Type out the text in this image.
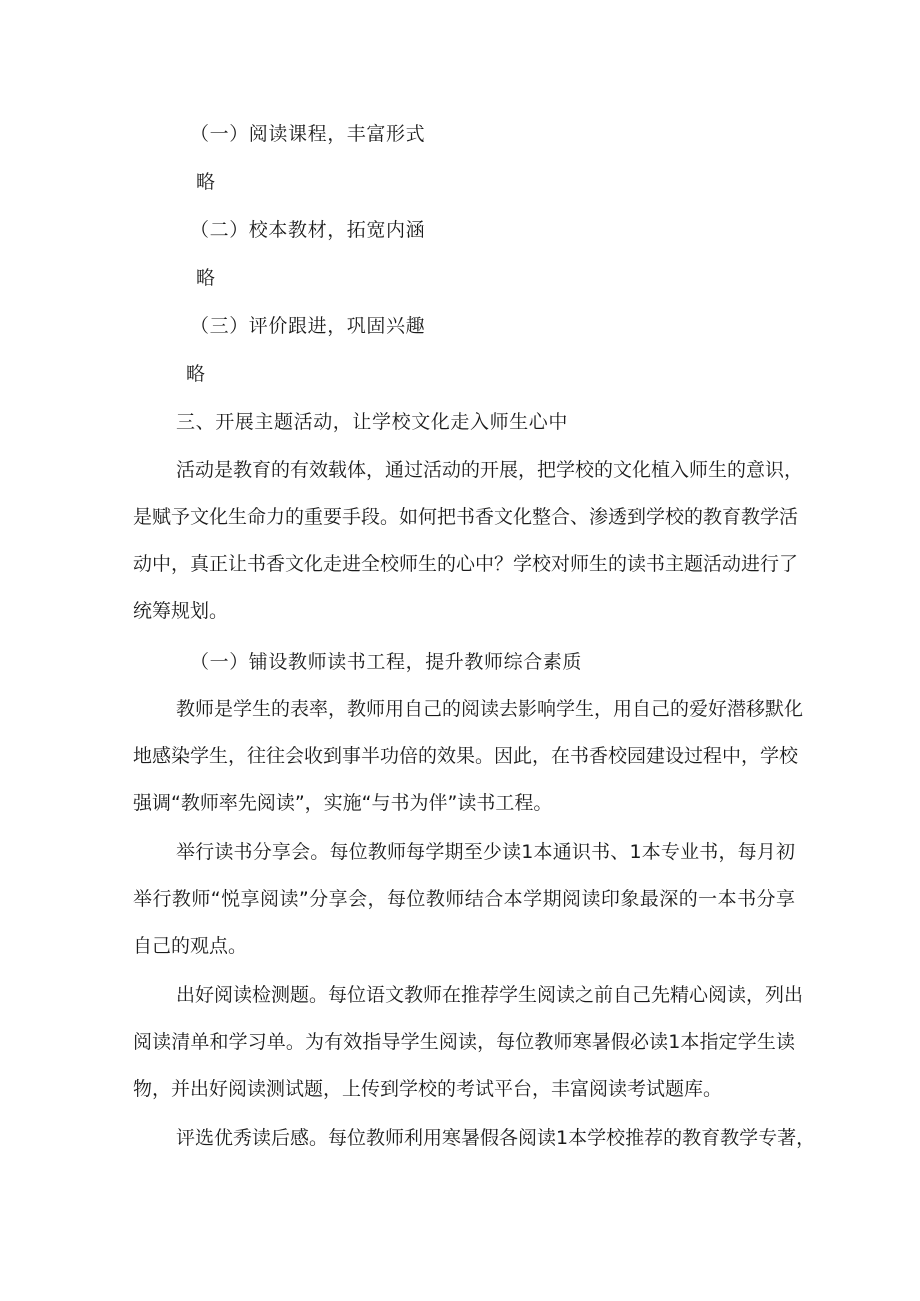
（一）阅读课程，丰富形式

略

（二）校本教材，拓宽内涵

略

（三）评价跟进，巩固兴趣

略

三、开展主题活动，让学校文化走入师生心中

活动是教育的有效载体，通过活动的开展，把学校的文化植入师生的意识，
是赋予文化生命力的重要手段。如何把书香文化整合、渗透到学校的教育教学活
动中，真正让书香文化走进全校师生的心中？学校对师生的读书主题活动进行了
统筹规划。

（一）铺设教师读书工程，提升教师综合素质

教师是学生的表率，教师用自己的阅读去影响学生，用自己的爱好潜移默化
地感染学生，往往会收到事半功倍的效果。因此，在书香校园建设过程中，学校
强调“教师率先阅读”，实施“与书为伴”读书工程。
举行读书分享会。每位教师每学期至少读1本通识书、1本专业书，每月初
举行教师“悦享阅读”分享会，每位教师结合本学期阅读印象最深的一本书分享
自己的观点。
出好阅读检测题。每位语文教师在推荐学生阅读之前自己先精心阅读，列出
阅读清单和学习单。为有效指导学生阅读，每位教师寒暑假必读1本指定学生读
物，并出好阅读测试题，上传到学校的考试平台，丰富阅读考试题库。
评选优秀读后感。每位教师利用寒暑假各阅读1本学校推荐的教育教学专著，
